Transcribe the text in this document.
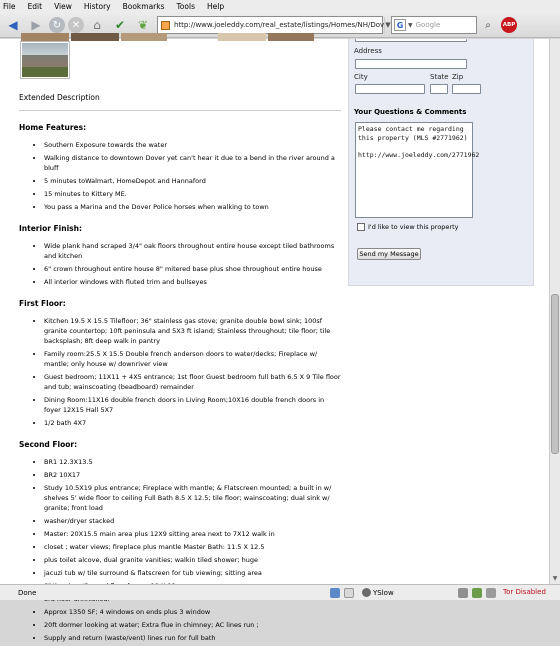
File Edit View History Bookmarks Tools Help
◀	▶	↻	✕	⌂	✔	❦	http://www.joeleddy.com/real_estate/listings/Homes/NH/Dov ▼ G ▼ Google	⌕	ABP
Extended Description
Home Features:
• Southern Exposure towards the water
• Walking distance to downtown Dover yet can't hear it due to a bend in the river around a bluff
• 5 minutes toWalmart, HomeDepot and Hannaford
• 15 minutes to Kittery ME.
• You pass a Marina and the Dover Police horses when walking to town
Interior Finish:
• Wide plank hand scraped 3/4" oak floors throughout entire house except tiled bathrooms and kitchen
• 6" crown throughout entire house 8" mitered base plus shoe throughout entire house
• All interior windows with fluted trim and bullseyes
First Floor:
• Kitchen 19.5 X 15.5 Tilefloor; 36" stainless gas stove; granite double bowl sink; 100sf granite countertop; 10ft peninsula and 5X3 ft island; Stainless throughout; tile floor; tile backsplash; 8ft deep walk in pantry
• Family room:25.5 X 15.5 Double french anderson doors to water/decks; Fireplace w/ mantle; only house w/ downriver view
• Guest bedroom; 11X11 + 4X5 entrance; 1st floor Guest bedroom full bath 6.5 X 9 Tile floor and tub; wainscoating (beadboard) remainder
• Dining Room:11X16 double french doors in Living Room;10X16 double french doors in foyer 12X15 Hall 5X7
• 1/2 bath 4X7
Second Floor:
• BR1 12.3X13.5
• BR2 10X17
• Study 10.5X19 plus entrance; Fireplace with mantle; & Flatscreen mounted; a built in w/ shelves 5' wide floor to ceiling Full Bath 8.5 X 12.5; tile floor; wainscoating; dual sink w/ granite; front load
• washer/dryer stacked
• Master: 20X15.5 main area plus 12X9 sitting area next to 7X12 walk in
• closet ; water views; fireplace plus mantle Master Bath: 11.5 X 12.5
• plus toilet alcove, dual granite vanities; walkin tiled shower; huge
• jacuzi tub w/ tile surround & flatscreen for tub viewing; sitting area
•
•
• Approx 1350 SF; 4 windows on ends plus 3 window
• 20ft dormer looking at water; Extra flue in chimney; AC lines run ;
• Supply and return (waste/vent) lines run for full bath
Address
City	State Zip
Your Questions & Comments
Please contact me regarding this property (MLS #2771962)

http://www.joeleddy.com/2771962
I'd like to view this property
Send my Message
▼
Done	YSlow	Tor Disabled
